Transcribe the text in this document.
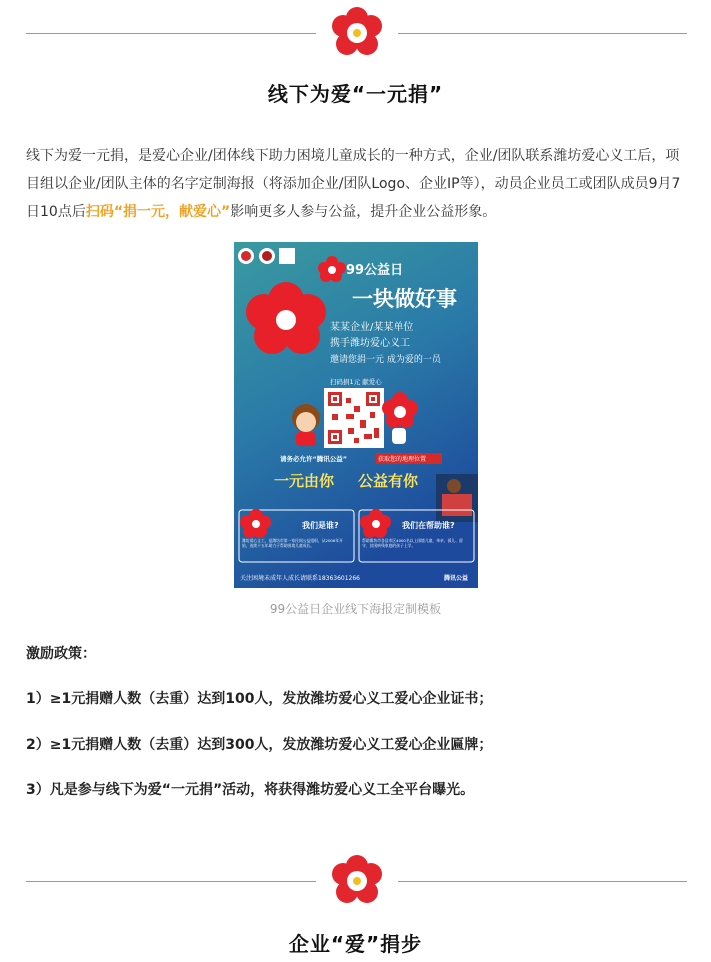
线下为爱“一元捐”
线下为爱一元捐，是爱心企业/团体线下助力困境儿童成长的一种方式，企业/团队联系潍坊爱心义工后，项目组以企业/团队主体的名字定制海报（将添加企业/团队Logo、企业IP等），动员企业员工或团队成员9月7日10点后扫码“捐一元，献爱心”影响更多人参与公益，提升企业公益形象。
99公益日
一块做好事
某某企业/某某单位
携手潍坊爱心义工
邀请您捐一元 成为爱的一员
扫码捐1元 献爱心
请务必允许“腾讯公益”	获取您的地理位置
一元由你 公益有你
我们是谁?	我们在帮助谁?
潍坊爱心义工，是潍坊市第一家民间公益组织，从2006年开始，连续十五年助力于帮助困境儿童成长。
帮助潍坊市各县市区4000名以上困境儿童，单亲、孤儿、留守、贫困病残家庭的孩子上学。
关注困境未成年人成长请联系18363601266	腾讯公益
99公益日企业线下海报定制模板
激励政策：
1）≥1元捐赠人数（去重）达到100人，发放潍坊爱心义工爱心企业证书；
2）≥1元捐赠人数（去重）达到300人，发放潍坊爱心义工爱心企业匾牌；
3）凡是参与线下为爱“一元捐”活动，将获得潍坊爱心义工全平台曝光。
企业“爱”捐步
